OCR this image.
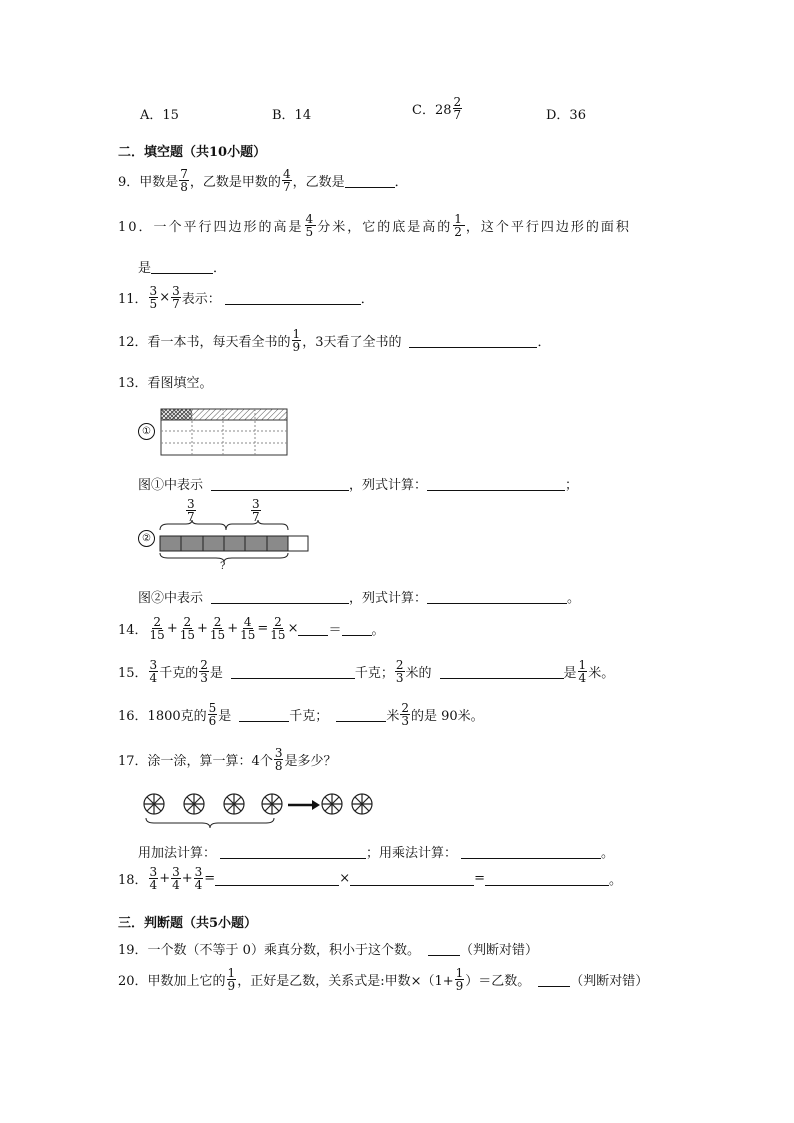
A．15	B．14	C．$28 \frac{2}{7}$	D．36
二．填空题（共10小题）
9．甲数是 $\frac{7}{8}$ ，乙数是甲数的 $\frac{4}{7}$ ，乙数是	．
10．一个平行四边形的高是 $\frac{4}{5}$ 分米，它的底是高的 $\frac{1}{2}$ ，这个平行四边形的面积
是	．
11． $\frac{3}{5} \times \frac{3}{7}$ 表示：	．
12．看一本书，每天看全书的 $\frac{1}{9}$ ，3天看了全书的	．
13．看图填空。
①
图①中表示	，列式计算：	；
②
$\frac{3}{7}$	$\frac{3}{7}$
?
图②中表示	，列式计算：	。
14． $\frac{2}{15} + \frac{2}{15} + \frac{2}{15} + \frac{4}{15} = \frac{2}{15}$ × ＝ 。
15． $\frac{3}{4}$ 千克的 $\frac{2}{3}$ 是	千克； $\frac{2}{3}$ 米的	是 $\frac{1}{4}$ 米。
16．1800克的 $\frac{5}{6}$ 是	千克；	米 $\frac{2}{3}$ 的是 90米。
17．涂一涂，算一算：4个 $\frac{3}{8}$ 是多少？
用加法计算：	；用乘法计算：	。
18． $\frac{3}{4} + \frac{3}{4} + \frac{3}{4}$ =	×	=	。
三．判断题（共5小题）
19．一个数（不等于 0）乘真分数，积小于这个数。	（判断对错）
20．甲数加上它的 $\frac{1}{9}$ ，正好是乙数，关系式是:甲数$\times(1+ \frac{1}{9}$ ）＝乙数。	（判断对错）
